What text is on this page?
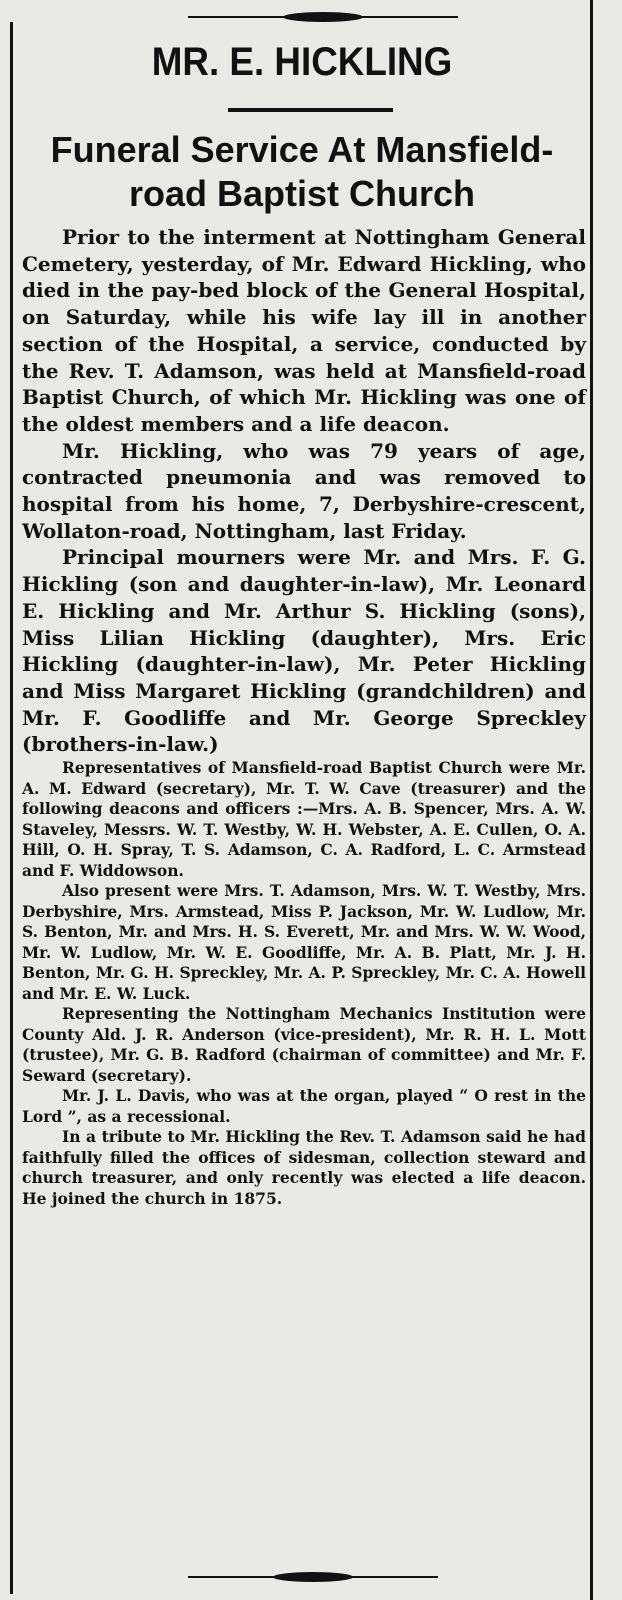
MR. E. HICKLING
Funeral Service At Mansfield-road Baptist Church

Prior to the interment at Nottingham General Cemetery, yesterday, of Mr. Edward Hickling, who died in the pay-bed block of the General Hospital, on Saturday, while his wife lay ill in another section of the Hospital, a service, conducted by the Rev. T. Adamson, was held at Mansfield-road Baptist Church, of which Mr. Hickling was one of the oldest members and a life deacon.

Mr. Hickling, who was 79 years of age, contracted pneumonia and was removed to hospital from his home, 7, Derbyshire-crescent, Wollaton-road, Nottingham, last Friday.

Principal mourners were Mr. and Mrs. F. G. Hickling (son and daughter-in-law), Mr. Leonard E. Hickling and Mr. Arthur S. Hickling (sons), Miss Lilian Hickling (daughter), Mrs. Eric Hickling (daughter-in-law), Mr. Peter Hickling and Miss Margaret Hickling (grandchildren) and Mr. F. Goodliffe and Mr. George Spreckley (brothers-in-law.)

Representatives of Mansfield-road Baptist Church were Mr. A. M. Edward (secretary), Mr. T. W. Cave (treasurer) and the following deacons and officers :—Mrs. A. B. Spencer, Mrs. A. W. Staveley, Messrs. W. T. Westby, W. H. Webster, A. E. Cullen, O. A. Hill, O. H. Spray, T. S. Adamson, C. A. Radford, L. C. Armstead and F. Widdowson.

Also present were Mrs. T. Adamson, Mrs. W. T. Westby, Mrs. Derbyshire, Mrs. Armstead, Miss P. Jackson, Mr. W. Ludlow, Mr. S. Benton, Mr. and Mrs. H. S. Everett, Mr. and Mrs. W. W. Wood, Mr. W. Ludlow, Mr. W. E. Goodliffe, Mr. A. B. Platt, Mr. J. H. Benton, Mr. G. H. Spreckley, Mr. A. P. Spreckley, Mr. C. A. Howell and Mr. E. W. Luck.

Representing the Nottingham Mechanics Institution were County Ald. J. R. Anderson (vice-president), Mr. R. H. L. Mott (trustee), Mr. G. B. Radford (chairman of committee) and Mr. F. Seward (secretary).

Mr. J. L. Davis, who was at the organ, played “ O rest in the Lord ”, as a recessional.

In a tribute to Mr. Hickling the Rev. T. Adamson said he had faithfully filled the offices of sidesman, collection steward and church treasurer, and only recently was elected a life deacon. He joined the church in 1875.
